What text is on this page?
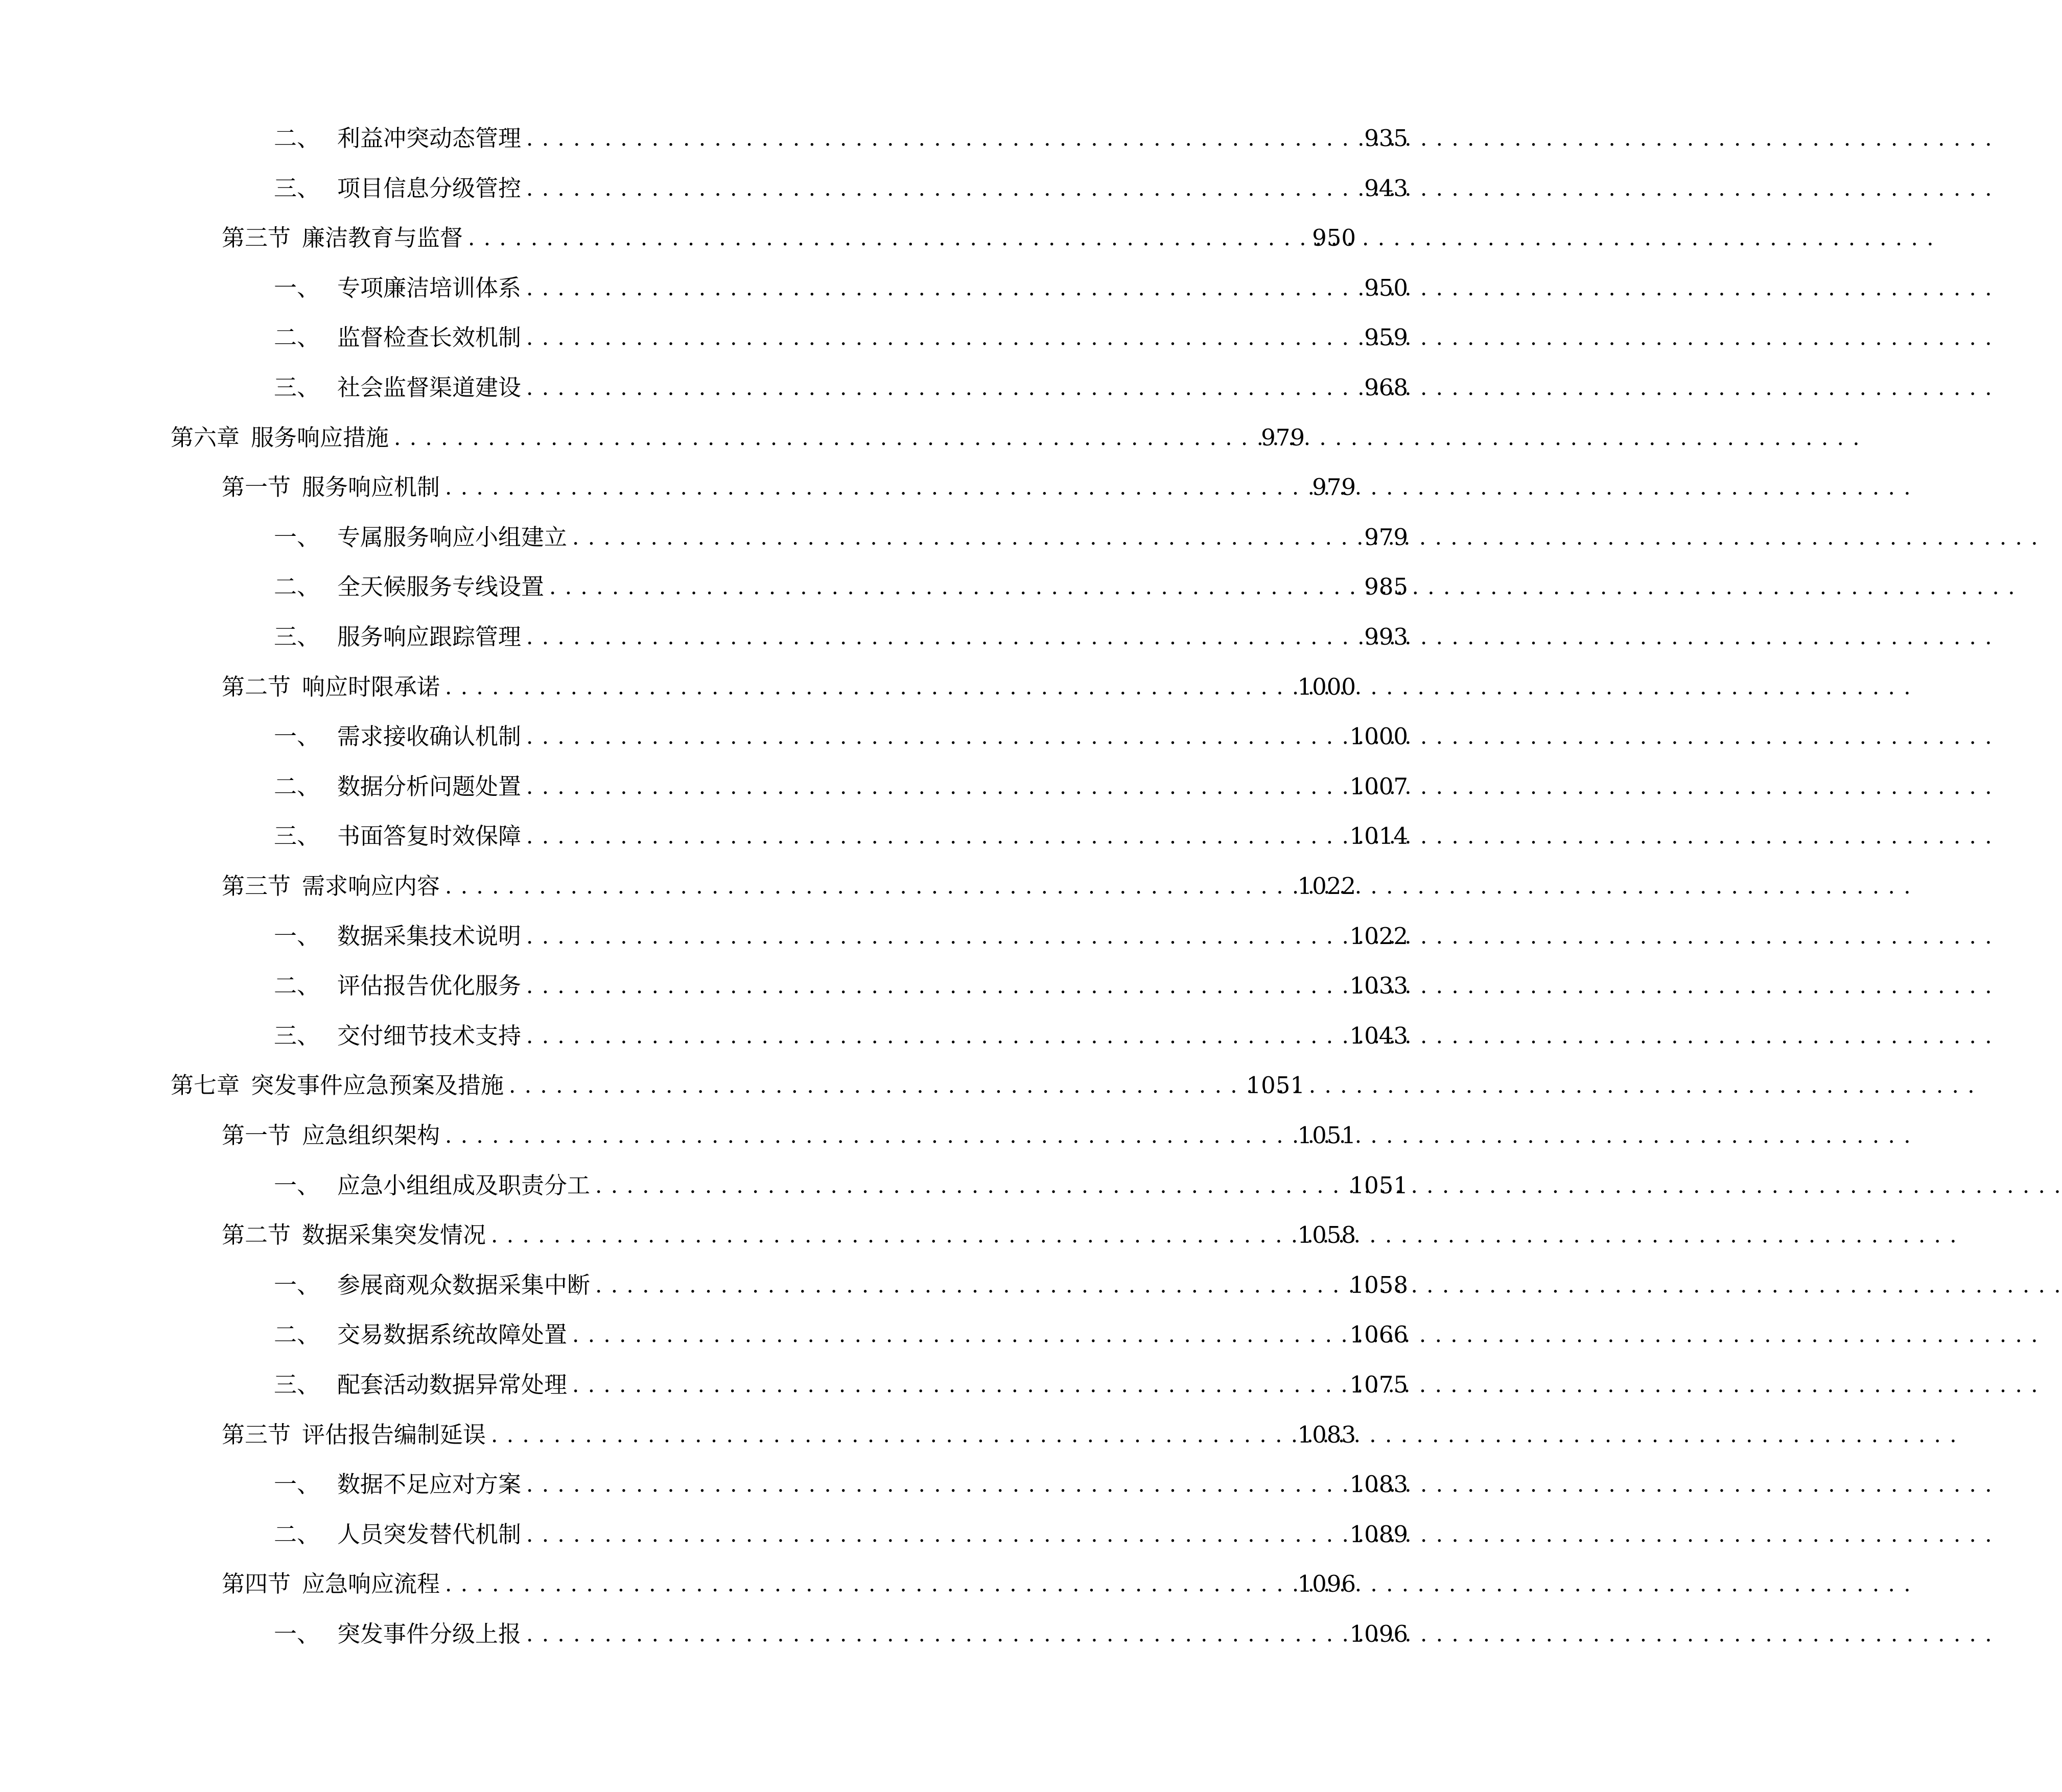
二、 利益冲突动态管理 . . .	935
三、 项目信息分级管控 . . .	943
第三节 廉洁教育与监督 . . .	950
一、 专项廉洁培训体系 . . .	950
二、 监督检查长效机制 . . .	959
三、 社会监督渠道建设 . . .	968
第六章 服务响应措施 . . .	979
第一节 服务响应机制 . . .	979
一、 专属服务响应小组建立 . . .	979
二、 全天候服务专线设置 . . .	985
三、 服务响应跟踪管理 . . .	993
第二节 响应时限承诺 . . .	1000
一、 需求接收确认机制 . . .	1000
二、 数据分析问题处置 . . .	1007
三、 书面答复时效保障 . . .	1014
第三节 需求响应内容 . . .	1022
一、 数据采集技术说明 . . .	1022
二、 评估报告优化服务 . . .	1033
三、 交付细节技术支持 . . .	1043
第七章 突发事件应急预案及措施 . . .	1051
第一节 应急组织架构 . . .	1051
一、 应急小组组成及职责分工 . . .	1051
第二节 数据采集突发情况 . . .	1058
一、 参展商观众数据采集中断 . . .	1058
二、 交易数据系统故障处置 . . .	1066
三、 配套活动数据异常处理 . . .	1075
第三节 评估报告编制延误 . . .	1083
一、 数据不足应对方案 . . .	1083
二、 人员突发替代机制 . . .	1089
第四节 应急响应流程 . . .	1096
一、 突发事件分级上报 . . .	1096
